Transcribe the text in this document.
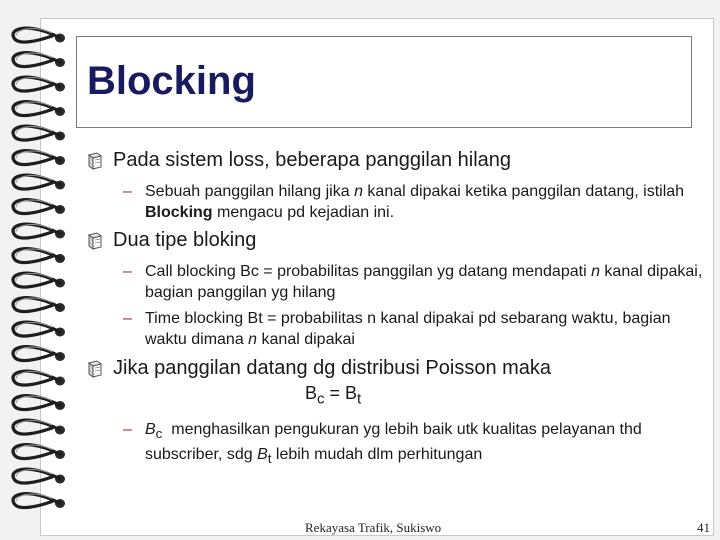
Blocking
Pada sistem loss, beberapa panggilan hilang
– Sebuah panggilan hilang jika n kanal dipakai ketika panggilan datang, istilah Blocking mengacu pd kejadian ini.
Dua tipe bloking
– Call blocking Bc = probabilitas panggilan yg datang mendapati n kanal dipakai, bagian panggilan yg hilang
– Time blocking Bt = probabilitas n kanal dipakai pd sebarang waktu, bagian waktu dimana n kanal dipakai
Jika panggilan datang dg distribusi Poisson maka
$B_c = B_t$
– $B_c$  menghasilkan pengukuran yg lebih baik utk kualitas pelayanan thd subscriber, sdg $B_t$ lebih mudah dlm perhitungan
Rekayasa Trafik, Sukiswo	41
